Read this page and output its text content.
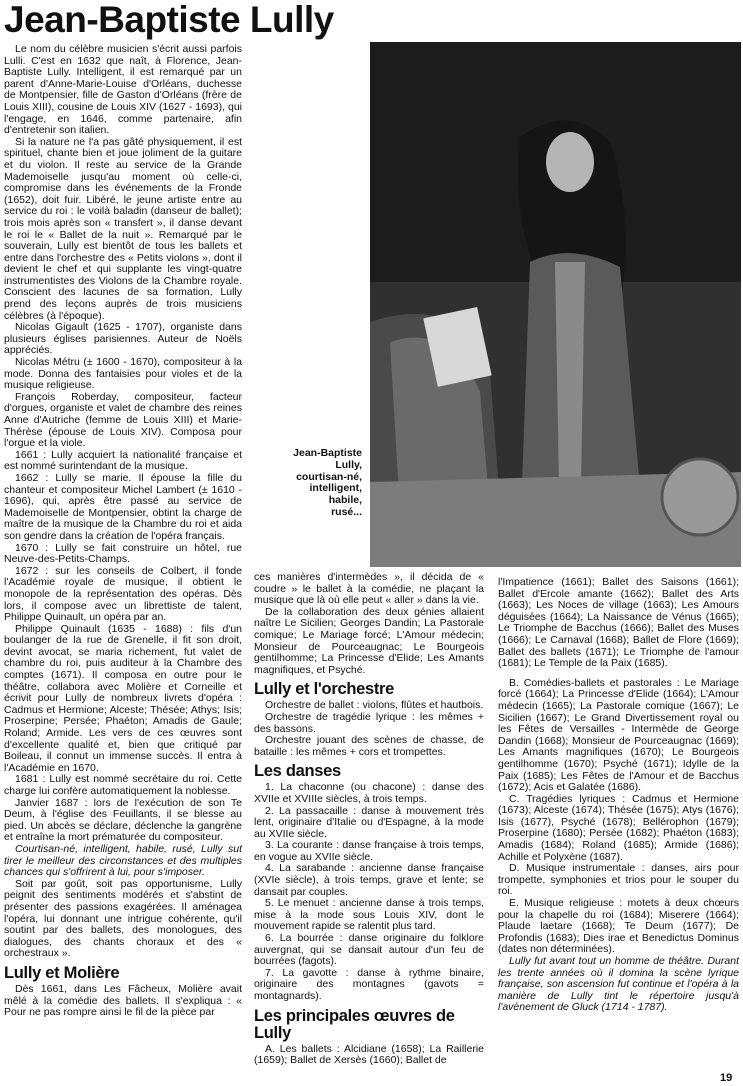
Jean-Baptiste Lully

Le nom du célèbre musicien s'écrit aussi parfois Lulli. C'est en 1632 que naît, à Florence, Jean-Baptiste Lully. Intelligent, il est remarqué par un parent d'Anne-Marie-Louise d'Orléans, duchesse de Montpensier, fille de Gaston d'Orléans (frère de Louis XIII), cousine de Louis XIV (1627 - 1693), qui l'engage, en 1646, comme partenaire, afin d'entretenir son italien.

Si la nature ne l'a pas gâté physiquement, il est spirituel, chante bien et joue joliment de la guitare et du violon. Il reste au service de la Grande Mademoiselle jusqu'au moment où celle-ci, compromise dans les événements de la Fronde (1652), doit fuir. Libéré, le jeune artiste entre au service du roi : le voilà baladin (danseur de ballet); trois mois après son « transfert », il danse devant le roi le « Ballet de la nuit ». Remarqué par le souverain, Lully est bientôt de tous les ballets et entre dans l'orchestre des « Petits violons », dont il devient le chef et qui supplante les vingt-quatre instrumentistes des Violons de la Chambre royale. Conscient des lacunes de sa formation, Lully prend des leçons auprès de trois musiciens célèbres (à l'époque).

Nicolas Gigault (1625 - 1707), organiste dans plusieurs églises parisiennes. Auteur de Noëls appréciés.

Nicolas Métru (± 1600 - 1670), compositeur à la mode. Donna des fantaisies pour violes et de la musique religieuse.

François Roberday, compositeur, facteur d'orgues, organiste et valet de chambre des reines Anne d'Autriche (femme de Louis XIII) et Marie-Thérèse (épouse de Louis XIV). Composa pour l'orgue et la viole.

1661 : Lully acquiert la nationalité française et est nommé surintendant de la musique.

1662 : Lully se marie. Il épouse la fille du chanteur et compositeur Michel Lambert (± 1610 - 1696), qui, après être passé au service de Mademoiselle de Montpensier, obtint la charge de maître de la musique de la Chambre du roi et aida son gendre dans la création de l'opéra français.

1670 : Lully se fait construire un hôtel, rue Neuve-des-Petits-Champs.

1672 : sur les conseils de Colbert, il fonde l'Académie royale de musique, il obtient le monopole de la représentation des opéras. Dès lors, il compose avec un librettiste de talent, Philippe Quinault, un opéra par an.

Philippe Quinault (1635 - 1688) : fils d'un boulanger de la rue de Grenelle, il fit son droit, devint avocat, se maria richement, fut valet de chambre du roi, puis auditeur à la Chambre des comptes (1671). Il composa en outre pour le théâtre, collabora avec Molière et Corneille et écrivit pour Lully de nombreux livrets d'opéra : Cadmus et Hermione; Alceste; Thésée; Athys; Isis; Proserpine; Persée; Phaéton; Amadis de Gaule; Roland; Armide. Les vers de ces œuvres sont d'excellente qualité et, bien que critiqué par Boileau, il connut un immense succès. Il entra à l'Académie en 1670.

1681 : Lully est nommé secrétaire du roi. Cette charge lui confère automatiquement la noblesse.

Janvier 1687 : lors de l'exécution de son Te Deum, à l'église des Feuillants, il se blesse au pied. Un abcès se déclare, déclenche la gangrène et entraîne la mort prématurée du compositeur.

Courtisan-né, intelligent, habile, rusé, Lully sut tirer le meilleur des circonstances et des multiples chances qui s'offrirent à lui, pour s'imposer.

Soit par goût, soit pas opportunisme, Lully peignit des sentiments modérés et s'abstint de présenter des passions exagérées. Il aménagea l'opéra, lui donnant une intrigue cohérente, qu'il soutint par des ballets, des monologues, des dialogues, des chants choraux et des « orchestraux ».

Lully et Molière

Dès 1661, dans Les Fâcheux, Molière avait mêlé à la comédie des ballets. Il s'expliqua : « Pour ne pas rompre ainsi le fil de la pièce par

Jean-Baptiste
Lully,
courtisan-né,
intelligent,
habile,
rusé...

ces manières d'intermèdes », il décida de « coudre » le ballet à la comédie, ne plaçant la musique que là où elle peut « aller » dans la vie.

De la collaboration des deux génies allaient naître Le Sicilien; Georges Dandin; La Pastorale comique; Le Mariage forcé; L'Amour médecin; Monsieur de Pourceaugnac; Le Bourgeois gentilhomme; La Princesse d'Elide; Les Amants magnifiques, et Psyché.

Lully et l'orchestre

Orchestre de ballet : violons, flûtes et hautbois.

Orchestre de tragédie lyrique : les mêmes + des bassons.

Orchestre jouant des scènes de chasse, de bataille : les mêmes + cors et trompettes.

Les danses

1. La chaconne (ou chacone) : danse des XVIIe et XVIIIe siècles, à trois temps.

2. La passacaille : danse à mouvement très lent, originaire d'Italie ou d'Espagne, à la mode au XVIIe siècle.

3. La courante : danse française à trois temps, en vogue au XVIIe siècle.

4. La sarabande : ancienne danse française (XVIe siècle), à trois temps, grave et lente; se dansait par couples.

5. Le menuet : ancienne danse à trois temps, mise à la mode sous Louis XIV, dont le mouvement rapide se ralentit plus tard.

6. La bourrée : danse originaire du folklore auvergnat, qui se dansait autour d'un feu de bourrées (fagots).

7. La gavotte : danse à rythme binaire, originaire des montagnes (gavots = montagnards).

Les principales œuvres de Lully

A. Les ballets : Alcidiane (1658); La Raillerie (1659); Ballet de Xersès (1660); Ballet de

l'Impatience (1661); Ballet des Saisons (1661); Ballet d'Ercole amante (1662); Ballet des Arts (1663); Les Noces de village (1663); Les Amours déguisées (1664); La Naissance de Vénus (1665); Le Triomphe de Bacchus (1666); Ballet des Muses (1666); Le Carnaval (1668); Ballet de Flore (1669); Ballet des ballets (1671); Le Triomphe de l'amour (1681); Le Temple de la Paix (1685).

B. Comédies-ballets et pastorales : Le Mariage forcé (1664); La Princesse d'Elide (1664); L'Amour médecin (1665); La Pastorale comique (1667); Le Sicilien (1667); Le Grand Divertissement royal ou les Fêtes de Versailles - Intermède de George Dandin (1668); Monsieur de Pourceaugnac (1669); Les Amants magnifiques (1670); Le Bourgeois gentilhomme (1670); Psyché (1671); Idylle de la Paix (1685); Les Fêtes de l'Amour et de Bacchus (1672); Acis et Galatée (1686).

C. Tragédies lyriques : Cadmus et Hermione (1673); Alceste (1674); Thésée (1675); Atys (1676); Isis (1677), Psyché (1678); Bellérophon (1679); Proserpine (1680); Persée (1682); Phaéton (1683); Amadis (1684); Roland (1685); Armide (1686); Achille et Polyxène (1687).

D. Musique instrumentale : danses, airs pour trompette, symphonies et trios pour le souper du roi.

E. Musique religieuse : motets à deux chœurs pour la chapelle du roi (1684); Miserere (1664); Plaude laetare (1668); Te Deum (1677); De Profondis (1683); Dies irae et Benedictus Dominus (dates non déterminées).

Lully fut avant tout un homme de théâtre. Durant les trente années où il domina la scène lyrique française, son ascension fut continue et l'opéra à la manière de Lully tint le répertoire jusqu'à l'avènement de Gluck (1714 - 1787).

19
